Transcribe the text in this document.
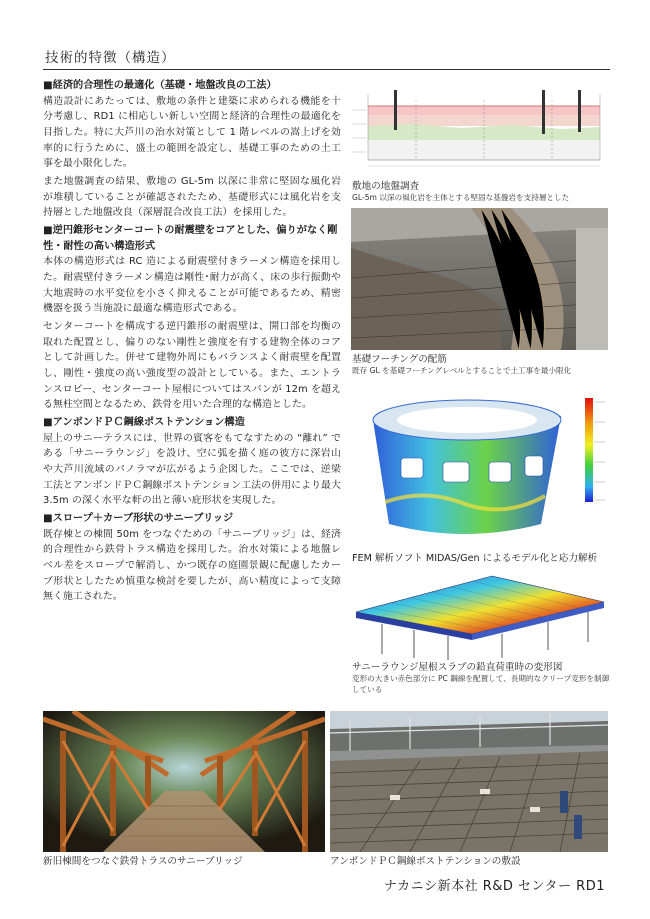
技術的特徴（構造）

■経済的合理性の最適化（基礎・地盤改良の工法）

構造設計にあたっては、敷地の条件と建築に求められる機能を十分考慮し、RD1 に相応しい新しい空間と経済的合理性の最適化を目指した。特に大芦川の治水対策として 1 階レベルの嵩上げを効率的に行うために、盛土の範囲を設定し、基礎工事のための土工事を最小限化した。

また地盤調査の結果、敷地の GL-5m 以深に非常に堅固な風化岩が堆積していることが確認されたため、基礎形式には風化岩を支持層とした地盤改良（深層混合改良工法）を採用した。

■逆円錐形センターコートの耐震壁をコアとした、偏りがなく剛性・耐性の高い構造形式

本体の構造形式は RC 造による耐震壁付きラーメン構造を採用した。耐震壁付きラーメン構造は剛性･耐力が高く、床の歩行振動や大地震時の水平変位を小さく抑えることが可能であるため、精密機器を扱う当施設に最適な構造形式である。

センターコートを構成する逆円錐形の耐震壁は、開口部を均衡の取れた配置とし、偏りのない剛性と強度を有する建物全体のコアとして計画した。併せて建物外周にもバランスよく耐震壁を配置し、剛性・強度の高い強度型の設計としている。また、エントランスロビー、センターコート屋根についてはスパンが 12m を超える無柱空間となるため、鉄骨を用いた合理的な構造とした。

■アンボンドＰＣ鋼線ポストテンション構造

屋上のサニーテラスには、世界の賓客をもてなすための “離れ” である「サニーラウンジ」を設け、空に弧を描く庭の彼方に深岩山や大芦川流域のパノラマが広がるよう企図した。ここでは、逆梁工法とアンボンドＰＣ鋼線ポストテンション工法の併用により最大 3.5m の深く水平な軒の出と薄い庇形状を実現した。

■スロープ＋カーブ形状のサニーブリッジ

既存棟との棟間 50m をつなぐための「サニーブリッジ」は、経済的合理性から鉄骨トラス構造を採用した。治水対策による地盤レベル差をスロープで解消し、かつ既存の庭園景観に配慮したカーブ形状としたため慎重な検討を要したが、高い精度によって支障無く施工された。

敷地の地盤調査
GL-5m 以深の風化岩を主体とする堅固な基盤岩を支持層とした
基礎フーチングの配筋
既存 GL を基礎フーチングレベルとすることで土工事を最小限化
FEM 解析ソフト MIDAS/Gen によるモデル化と応力解析
サニーラウンジ屋根スラブの鉛直荷重時の変形図
変形の大きい赤色部分に PC 鋼線を配置して、長期的なクリープ変形を制御している
新旧棟間をつなぐ鉄骨トラスのサニーブリッジ	アンボンドＰＣ鋼線ポストテンションの敷設
ナカニシ新本社 R&D センター RD1
